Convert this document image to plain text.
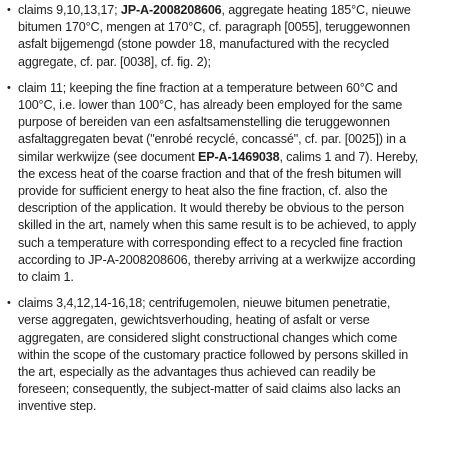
• claims 9,10,13,17; JP-A-2008208606, aggregate heating 185°C, nieuwe
bitumen 170°C, mengen at 170°C, cf. paragraph [0055], teruggewonnen
asfalt bijgemengd (stone powder 18, manufactured with the recycled
aggregate, cf. par. [0038], cf. fig. 2);
• claim 11; keeping the fine fraction at a temperature between 60°C and
100°C, i.e. lower than 100°C, has already been employed for the same
purpose of bereiden van een asfaltsamenstelling die teruggewonnen
asfaltaggregaten bevat ("enrobé recyclé, concassé", cf. par. [0025]) in a
similar werkwijze (see document EP-A-1469038, calims 1 and 7). Hereby,
the excess heat of the coarse fraction and that of the fresh bitumen will
provide for sufficient energy to heat also the fine fraction, cf. also the
description of the application. It would thereby be obvious to the person
skilled in the art, namely when this same result is to be achieved, to apply
such a temperature with corresponding effect to a recycled fine fraction
according to JP-A-2008208606, thereby arriving at a werkwijze according
to claim 1.
• claims 3,4,12,14-16,18; centrifugemolen, nieuwe bitumen penetratie,
verse aggregaten, gewichtsverhouding, heating of asfalt or verse
aggregaten, are considered slight constructional changes which come
within the scope of the customary practice followed by persons skilled in
the art, especially as the advantages thus achieved can readily be
foreseen; consequently, the subject-matter of said claims also lacks an
inventive step.
